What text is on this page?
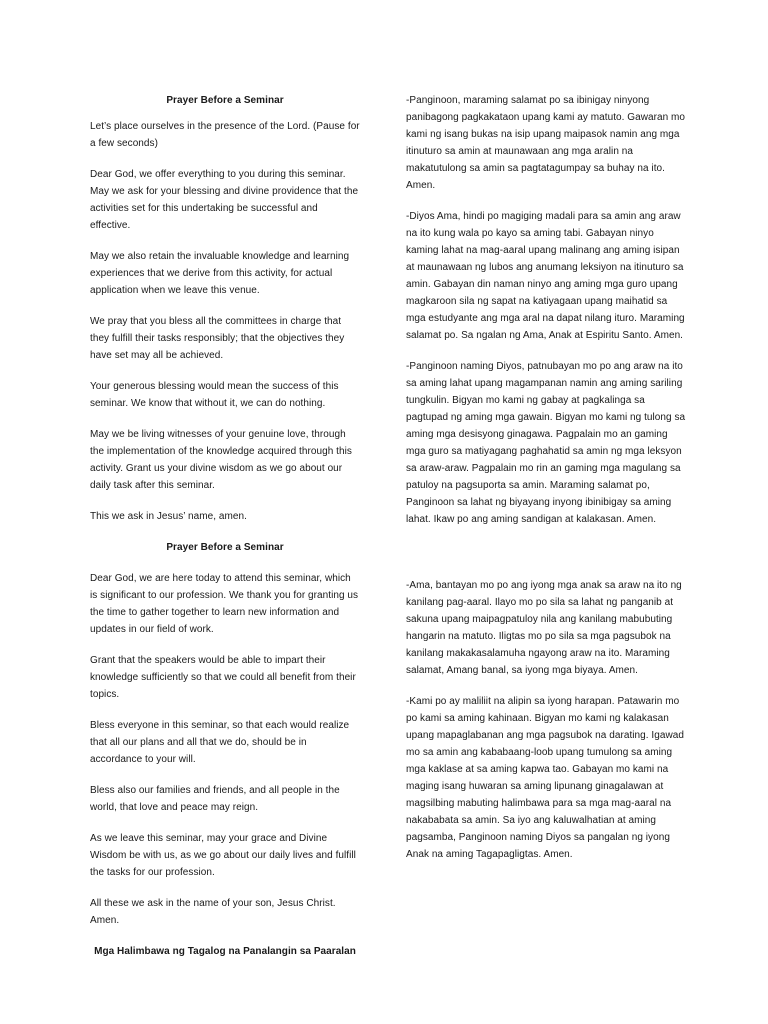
Prayer Before a Seminar

Let’s place ourselves in the presence of the Lord. (Pause for a few seconds)

Dear God, we offer everything to you during this seminar. May we ask for your blessing and divine providence that the activities set for this undertaking be successful and effective.

May we also retain the invaluable knowledge and learning experiences that we derive from this activity, for actual application when we leave this venue.

We pray that you bless all the committees in charge that they fulfill their tasks responsibly; that the objectives they have set may all be achieved.

Your generous blessing would mean the success of this seminar. We know that without it, we can do nothing.

May we be living witnesses of your genuine love, through the implementation of the knowledge acquired through this activity. Grant us your divine wisdom as we go about our daily task after this seminar.

This we ask in Jesus’ name, amen.

Prayer Before a Seminar

Dear God, we are here today to attend this seminar, which is significant to our profession. We thank you for granting us the time to gather together to learn new information and updates in our field of work.

Grant that the speakers would be able to impart their knowledge sufficiently so that we could all benefit from their topics.

Bless everyone in this seminar, so that each would realize that all our plans and all that we do, should be in accordance to your will.

Bless also our families and friends, and all people in the world, that love and peace may reign.

As we leave this seminar, may your grace and Divine Wisdom be with us, as we go about our daily lives and fulfill the tasks for our profession.

All these we ask in the name of your son, Jesus Christ. Amen.

Mga Halimbawa ng Tagalog na Panalangin sa Paaralan

-Panginoon, maraming salamat po sa ibinigay ninyong panibagong pagkakataon upang kami ay matuto. Gawaran mo kami ng isang bukas na isip upang maipasok namin ang mga itinuturo sa amin at maunawaan ang mga aralin na makatutulong sa amin sa pagtatagumpay sa buhay na ito. Amen.

-Diyos Ama, hindi po magiging madali para sa amin ang araw na ito kung wala po kayo sa aming tabi. Gabayan ninyo kaming lahat na mag-aaral upang malinang ang aming isipan at maunawaan ng lubos ang anumang leksiyon na itinuturo sa amin. Gabayan din naman ninyo ang aming mga guro upang magkaroon sila ng sapat na katiyagaan upang maihatid sa mga estudyante ang mga aral na dapat nilang ituro. Maraming salamat po. Sa ngalan ng Ama, Anak at Espiritu Santo. Amen.

-Panginoon naming Diyos, patnubayan mo po ang araw na ito sa aming lahat upang magampanan namin ang aming sariling tungkulin. Bigyan mo kami ng gabay at pagkalinga sa pagtupad ng aming mga gawain. Bigyan mo kami ng tulong sa aming mga desisyong ginagawa. Pagpalain mo an gaming mga guro sa matiyagang paghahatid sa amin ng mga leksyon sa araw-araw. Pagpalain mo rin an gaming mga magulang sa patuloy na pagsuporta sa amin. Maraming salamat po, Panginoon sa lahat ng biyayang inyong ibinibigay sa aming lahat. Ikaw po ang aming sandigan at kalakasan. Amen.

-Ama, bantayan mo po ang iyong mga anak sa araw na ito ng kanilang pag-aaral. Ilayo mo po sila sa lahat ng panganib at sakuna upang maipagpatuloy nila ang kanilang mabubuting hangarin na matuto. Iligtas mo po sila sa mga pagsubok na kanilang makakasalamuha ngayong araw na ito. Maraming salamat, Amang banal, sa iyong mga biyaya. Amen.

-Kami po ay maliliit na alipin sa iyong harapan. Patawarin mo po kami sa aming kahinaan. Bigyan mo kami ng kalakasan upang mapaglabanan ang mga pagsubok na darating. Igawad mo sa amin ang kababaang-loob upang tumulong sa aming mga kaklase at sa aming kapwa tao. Gabayan mo kami na maging isang huwaran sa aming lipunang ginagalawan at magsilbing mabuting halimbawa para sa mga mag-aaral na nakababata sa amin. Sa iyo ang kaluwalhatian at aming pagsamba, Panginoon naming Diyos sa pangalan ng iyong Anak na aming Tagapagligtas. Amen.
